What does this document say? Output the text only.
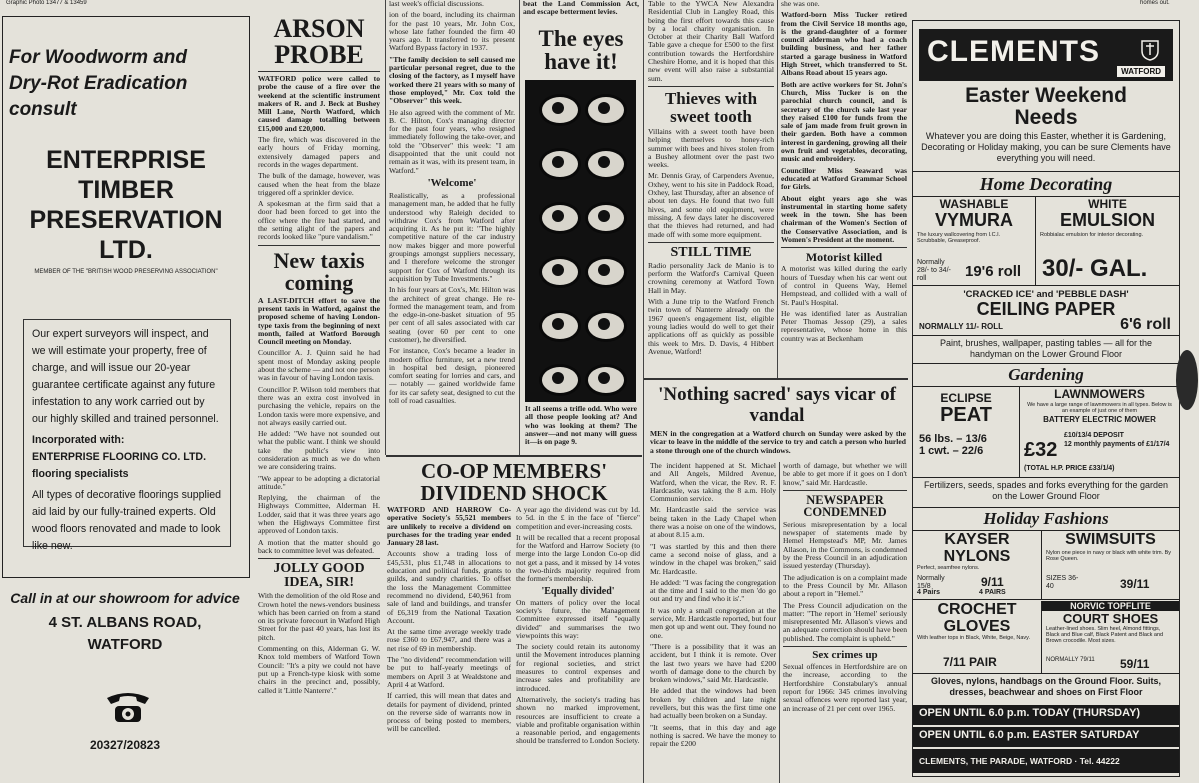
Graphic Photo 13477 & 13459
For Woodworm and
Dry-Rot Eradication
consult
ENTERPRISE
TIMBER
PRESERVATION
LTD.
MEMBER OF THE "BRITISH WOOD PRESERVING ASSOCIATION"
Our expert surveyors will inspect, and we will estimate your property, free of charge, and will issue our 20-year guarantee certificate against any future infestation to any work carried out by our highly skilled and trained personnel.
Incorporated with:
ENTERPRISE FLOORING CO. LTD. flooring specialists
All types of decorative floorings supplied aid laid by our fully-trained experts. Old wood floors renovated and made to look like new.
Call in at our showroom for advice
4 ST. ALBANS ROAD,
WATFORD
20327/20823
ARSON PROBE

WATFORD police were called to probe the cause of a fire over the weekend at the scientific instrument makers of R. and J. Beck at Bushey Mill Lane, North Watford, which caused damage totalling between £15,000 and £20,000.

The fire, which was discovered in the early hours of Friday morning, extensively damaged papers and records in the wages department.

The bulk of the damage, however, was caused when the heat from the blaze triggered off a sprinkler device.

A spokesman at the firm said that a door had been forced to get into the office where the fire had started, and the setting alight of the papers and records looked like "pure vandalism."

New taxis coming

A LAST-DITCH effort to save the present taxis in Watford, against the proposed scheme of having London-type taxis from the beginning of next month, failed at Watford Borough Council meeting on Monday.

Councillor A. J. Quinn said he had spent most of Monday asking people about the scheme — and not one person was in favour of having London taxis.

Councillor P. Wilson told members that there was an extra cost involved in purchasing the vehicle, repairs on the London taxis were more expensive, and not always easily carried out.

He added: "We have not sounded out what the public want. I think we should take the public's view into consideration as much as we do when we are considering trains.

"We appear to be adopting a dictatorial attitude."

Replying, the chairman of the Highways Committee, Alderman H. Lodder, said that it was three years ago when the Highways Committee first approved of London taxis.

A motion that the matter should go back to committee level was defeated.

JOLLY GOOD IDEA, SIR!

With the demolition of the old Rose and Crown hotel the news-vendors business which has been carried on from a stand on its private forecourt in Watford High Street for the past 40 years, has lost its pitch.

Commenting on this, Alderman G. W. Knox told members of Watford Town Council: "It's a pity we could not have put up a French-type kiosk with some chairs in the precinct and, possibly, called it 'Little Nanterre'."

last week's official discussions.

ion of the board, including its chairman for the past 10 years, Mr. John Cox, whose late father founded the firm 40 years ago. It transferred to its present Watford Bypass factory in 1937.

"The family decision to sell caused me particular personal regret, due to the closing of the factory, as I myself have worked there 21 years with so many of those employed," Mr. Cox told the "Observer" this week.

He also agreed with the comment of Mr. B. C. Hilton, Cox's managing director for the past four years, who resigned immediately following the take-over, and told the "Observer" this week: "I am disappointed that the unit could not remain as it was, with its present team, in Watford."

'Welcome'

Realistically, as a professional management man, he added that he fully understood why Raleigh decided to withdraw Cox's from Watford after acquiring it. As he put it: "The highly competitive nature of the car industry now makes bigger and more powerful groupings amongst suppliers necessary, and I therefore welcome the stronger support for Cox of Watford through its acquisition by Tube Investments."

In his four years at Cox's, Mr. Hilton was the architect of great change. He re-formed the management team, and from the edge-in-one-basket situation of 95 per cent of all sales associated with car seating (over 60 per cent to one customer), he diversified.

For instance, Cox's became a leader in modern office furniture, set a new trend in hospital bed design, pioneered comfort seating for lorries and cars, and — notably — gained worldwide fame for its car safety seat, designed to cut the toll of road casualties.

beat the Land Commission Act, and escape betterment levies.

The eyes have it!

It all seems a trifle odd. Who were all those people looking at? And who was looking at them? The answer—and not many will guess it—is on page 9.

CO-OP MEMBERS' DIVIDEND SHOCK

WATFORD AND HARROW Co-operative Society's 55,521 members are unlikely to receive a dividend on purchases for the trading year ended January 28 last.

Accounts show a trading loss of £45,531, plus £1,748 in allocations to education and political funds, grants to guilds, and sundry charities. To offset the loss the Management Committee recommend no dividend, £40,961 from sale of land and buildings, and transfer of £6,319 from the National Taxation Account.

At the same time average weekly trade rose £360 to £67,947, and there was a net rise of 69 in membership.

The "no dividend" recommendation will be put to half-yearly meetings of members on April 3 at Wealdstone and April 4 at Watford.

If carried, this will mean that dates and details for payment of dividend, printed on the reverse side of warrants now in process of being posted to members, will be cancelled.

A year ago the dividend was cut by 1d. to 5d. in the £ in the face of "fierce" competition and ever-increasing costs.

It will be recalled that a recent proposal for the Watford and Harrow Society (to merge into the large London Co-op did not get a pass, and it missed by 14 votes the two-thirds majority required from the former's membership.

'Equally divided'

On matters of policy over the local society's future, the Management Committee expressed itself "equally divided" and summarises the two viewpoints this way:

The society could retain its autonomy until the Movement introduces planning for regional societies, and strict measures to control expenses and increase sales and profitability are introduced.

Alternatively, the society's trading has shown no marked improvement, resources are insufficient to create a viable and profitable organisation within a reasonable period, and engagements should be transferred to London Society.

Table to the YWCA New Alexandra Residential Club in Langley Road, this being the first effort towards this cause by a local charity organisation. In October at their Charity Ball Watford Table gave a cheque for £500 to the first contribution towards the Hertfordshire Cheshire Home, and it is hoped that this new event will also raise a substantial sum.

Thieves with sweet tooth

Villains with a sweet tooth have been helping themselves to honey-rich summer with bees and hives stolen from a Bushey allotment over the past two weeks.

Mr. Dennis Gray, of Carpenders Avenue, Oxhey, went to his site in Paddock Road, Oxhey, last Thursday, after an absence of about ten days. He found that two full hives, and some old equipment, were missing. A few days later he discovered that the thieves had returned, and had made off with some more equipment.

STILL TIME

Radio personality Jack de Manio is to perform the Watford's Carnival Queen crowning ceremony at Watford Town Hall in May.

With a June trip to the Watford French twin town of Nanterre already on the 1967 queen's engagement list, eligible young ladies would do well to get their applications off as quickly as possible this week to Mrs. D. Davis, 4 Hibbert Avenue, Watford!

she was one.

Watford-born Miss Tucker retired from the Civil Service 18 months ago, is the grand-daughter of a former council alderman who had a coach building business, and her father started a garage business in Watford High Street, which transferred to St. Albans Road about 15 years ago.

Both are active workers for St. John's Church, Miss Tucker is on the parochial church council, and is secretary of the church sale last year they raised £100 for funds from the sale of jam made from fruit grown in their garden. Both have a common interest in gardening, growing all their own fruit and vegetables, decorating, music and embroidery.

Councillor Miss Seaward was educated at Watford Grammar School for Girls.

About eight years ago she was instrumental in starting home safety week in the town. She has been chairman of the Women's Section of the Conservative Association, and is Women's President at the moment.

Motorist killed

A motorist was killed during the early hours of Tuesday when his car went out of control in Queens Way, Hemel Hempstead, and collided with a wall of St. Paul's Hospital.

He was identified later as Australian Peter Thomas Jessop (29), a sales representative, whose home in this country was at Beckenham

'Nothing sacred' says vicar of vandal

MEN in the congregation at a Watford church on Sunday were asked by the vicar to leave in the middle of the service to try and catch a person who hurled a stone through one of the church windows.

The incident happened at St. Michael and All Angels, Mildred Avenue, Watford, when the vicar, the Rev. R. F. Hardcastle, was taking the 8 a.m. Holy Communion service.

Mr. Hardcastle said the service was being taken in the Lady Chapel when there was a noise on one of the windows, at about 8.15 a.m.

"I was startled by this and then there came a second noise of glass, and a window in the chapel was broken," said Mr. Hardcastle.

He added: "I was facing the congregation at the time and I said to the men 'do go out and try and find who it is'."

It was only a small congregation at the service, Mr. Hardcastle reported, but four men got up and went out. They found no one.

"There is a possibility that it was an accident, but I think it is remote. Over the last two years we have had £200 worth of damage done to the church by broken windows," said Mr. Hardcastle.

He added that the windows had been broken by children and late night revellers, but this was the first time one had actually been broken on a Sunday.

"It seems, that in this day and age nothing is sacred. We have the money to repair the £200

worth of damage, but whether we will be able to get more if it goes on I don't know," said Mr. Hardcastle.

NEWSPAPER CONDEMNED

Serious misrepresentation by a local newspaper of statements made by Hemel Hempstead's MP, Mr. James Allason, in the Commons, is condemned by the Press Council in an adjudication issued yesterday (Thursday).

The adjudication is on a complaint made to the Press Council by Mr. Allason about a report in "Hemel."

The Press Council adjudication on the matter: "The report in 'Hemel' seriously misrepresented Mr. Allason's views and an adequate correction should have been published. The complaint is upheld."

Sex crimes up

Sexual offences in Hertfordshire are on the increase, according to the Hertfordshire Constabulary's annual report for 1966: 345 crimes involving sexual offences were reported last year, an increase of 21 per cent over 1965.

CLEMENTS
WATFORD
Easter Weekend
Needs
Whatever you are doing this Easter, whether it is Gardening, Decorating or Holiday making, you can be sure Clements have everything you will need.
Home Decorating
WASHABLE
VYMURA
The luxury wallcovering from I.C.I. Scrubbable, Greaseproof.
Normally 28/- to 34/- roll	19'6 roll
WHITE
EMULSION
Robbialac emulsion for interior decorating.
30/- GAL.
'CRACKED ICE' and 'PEBBLE DASH'
CEILING PAPER
NORMALLY 11/- ROLL	6'6 roll
Paint, brushes, wallpaper, pasting tables — all for the handyman on the Lower Ground Floor
Gardening
ECLIPSE
PEAT
56 lbs. – 13/6
1 cwt. – 22/6
LAWNMOWERS
We have a large range of lawnmowers in all types. Below is an example of just one of them
BATTERY ELECTRIC MOWER
£32
£10/13/4 DEPOSIT
12 monthly payments of £1/17/4
(TOTAL H.P. PRICE £33/1/4)
Fertilizers, seeds, spades and forks everything for the garden on the Lower Ground Floor
Holiday Fashions
KAYSER
NYLONS
Perfect, seamfree nylons.
Normally 15/8	9/11
4 Pairs	4 PAIRS
SWIMSUITS
Nylon one piece in navy or black with white trim. By Rose Queen.
SIZES 36-40	39/11
CROCHET
GLOVES
With leather tops in Black, White, Beige, Navy.
7/11 PAIR
NORVIC TOPFLITE
COURT SHOES
Leather-lined shoes. Slim heel, Almond fittings, Black and Blue calf, Black Patent and Black and Brown crocodile. Most sizes.
NORMALLY 79/11 59/11
Gloves, nylons, handbags on the Ground Floor. Suits, dresses, beachwear and shoes on First Floor
OPEN UNTIL 6.0 p.m. TODAY (THURSDAY)
OPEN UNTIL 6.0 p.m. EASTER SATURDAY
CLEMENTS, THE PARADE, WATFORD · Tel. 44222
homes out.
